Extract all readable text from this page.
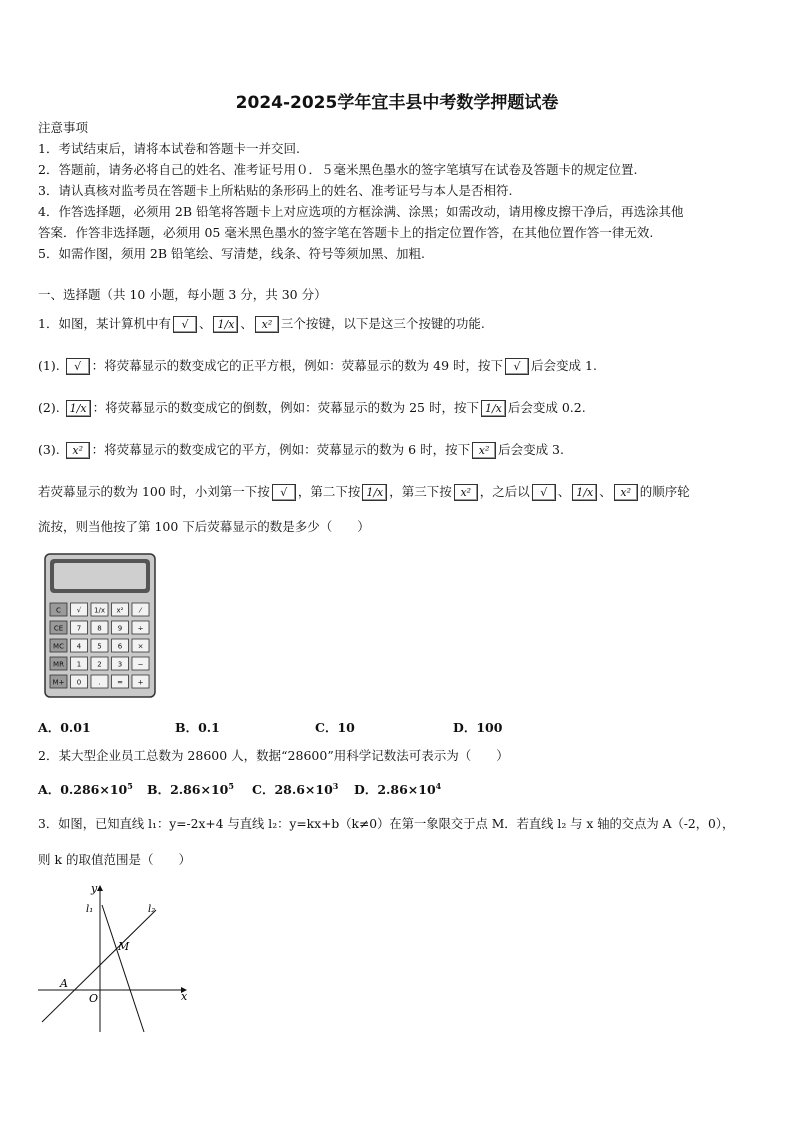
2024-2025学年宜丰县中考数学押题试卷
注意事项
1．考试结束后，请将本试卷和答题卡一并交回.
2．答题前，请务必将自己的姓名、准考证号用０．５毫米黑色墨水的签字笔填写在试卷及答题卡的规定位置.
3．请认真核对监考员在答题卡上所粘贴的条形码上的姓名、准考证号与本人是否相符.
4．作答选择题，必须用 2B 铅笔将答题卡上对应选项的方框涂满、涂黑；如需改动，请用橡皮擦干净后，再选涂其他
答案．作答非选择题，必须用 05 毫米黑色墨水的签字笔在答题卡上的指定位置作答，在其他位置作答一律无效.
5．如需作图，须用 2B 铅笔绘、写清楚，线条、符号等须加黑、加粗.
一、选择题（共 10 小题，每小题 3 分，共 30 分）
1．如图，某计算机中有 √ 、 1/x 、 x² 三个按键，以下是这三个按键的功能.
(1). √ ：将荧幕显示的数变成它的正平方根，例如：荧幕显示的数为 49 时，按下 √ 后会变成 1.
(2). 1/x ：将荧幕显示的数变成它的倒数，例如：荧幕显示的数为 25 时，按下 1/x 后会变成 0.2.
(3). x² ：将荧幕显示的数变成它的平方，例如：荧幕显示的数为 6 时，按下 x² 后会变成 3.
若荧幕显示的数为 100 时，小刘第一下按 √ ，第二下按 1/x ，第三下按 x² ，之后以 √ 、 1/x 、 x² 的顺序轮
流按，则当他按了第 100 下后荧幕显示的数是多少（　　）
C √ 1/x x² ⁄
CE 7 8 9 ÷
MC 4 5 6 ×
MR 1 2 3 −
M+ 0 . = +
A．0.01	B．0.1	C．10	D．100
2．某大型企业员工总数为 28600 人，数据“28600”用科学记数法可表示为（　　）
A．$0.286\times 10^5$ B．$2.86\times 10^5$ C．$28.6\times 10^3$ D．$2.86\times 10^4$
3．如图，已知直线 l₁：y=-2x+4 与直线 l₂：y=kx+b（k≠0）在第一象限交于点 M．若直线 l₂ 与 x 轴的交点为 A（-2，0），
则 k 的取值范围是（　　）
y
x
O
A
M
l₁	l₂
